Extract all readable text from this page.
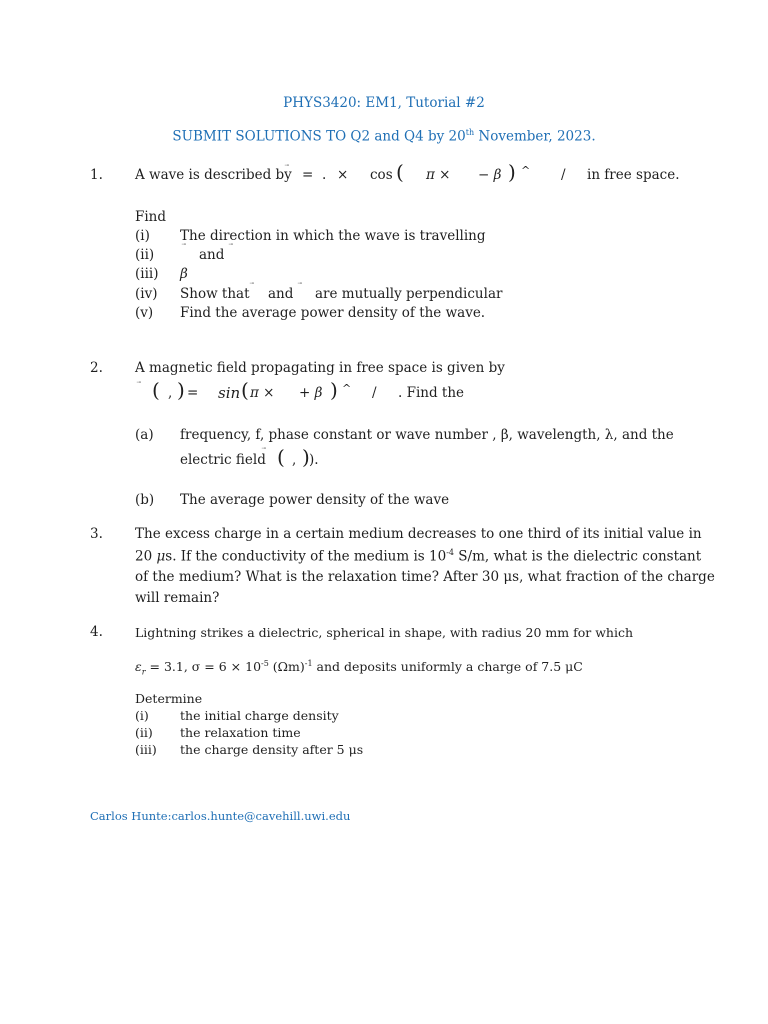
PHYS3420: EM1, Tutorial #2
SUBMIT SOLUTIONS TO Q2 and Q4 by 20th November, 2023.
1. A wave is described by = . × cos ( π × − β ) ^ / in free space.
Find
(i) The direction in which the wave is travelling
(ii)	and
(iii) β
(iv) Show that and are mutually perpendicular
(v) Find the average power density of the wave.
2. A magnetic field propagating in free space is given by
( , ) = sin ( π × + β ) ^ / . Find the
(a) frequency, f, phase constant or wave number , β, wavelength, λ, and the
electric field ( , ) ).
(b) The average power density of the wave
3. The excess charge in a certain medium decreases to one third of its initial value in
20 μs. If the conductivity of the medium is $10^{-4}$ S/m, what is the dielectric constant
of the medium? What is the relaxation time? After 30 μs, what fraction of the charge
will remain?
4.	Lightning strikes a dielectric, spherical in shape, with radius 20 mm for which
$\varepsilon_r = 3.1$, $\sigma = 6 \times 10^{-5}$ $(\Omega m)^{-1}$ and deposits uniformly a charge of 7.5 μC
Determine
(i) the initial charge density
(ii) the relaxation time
(iii) the charge density after 5 μs
Carlos Hunte:carlos.hunte@cavehill.uwi.edu
